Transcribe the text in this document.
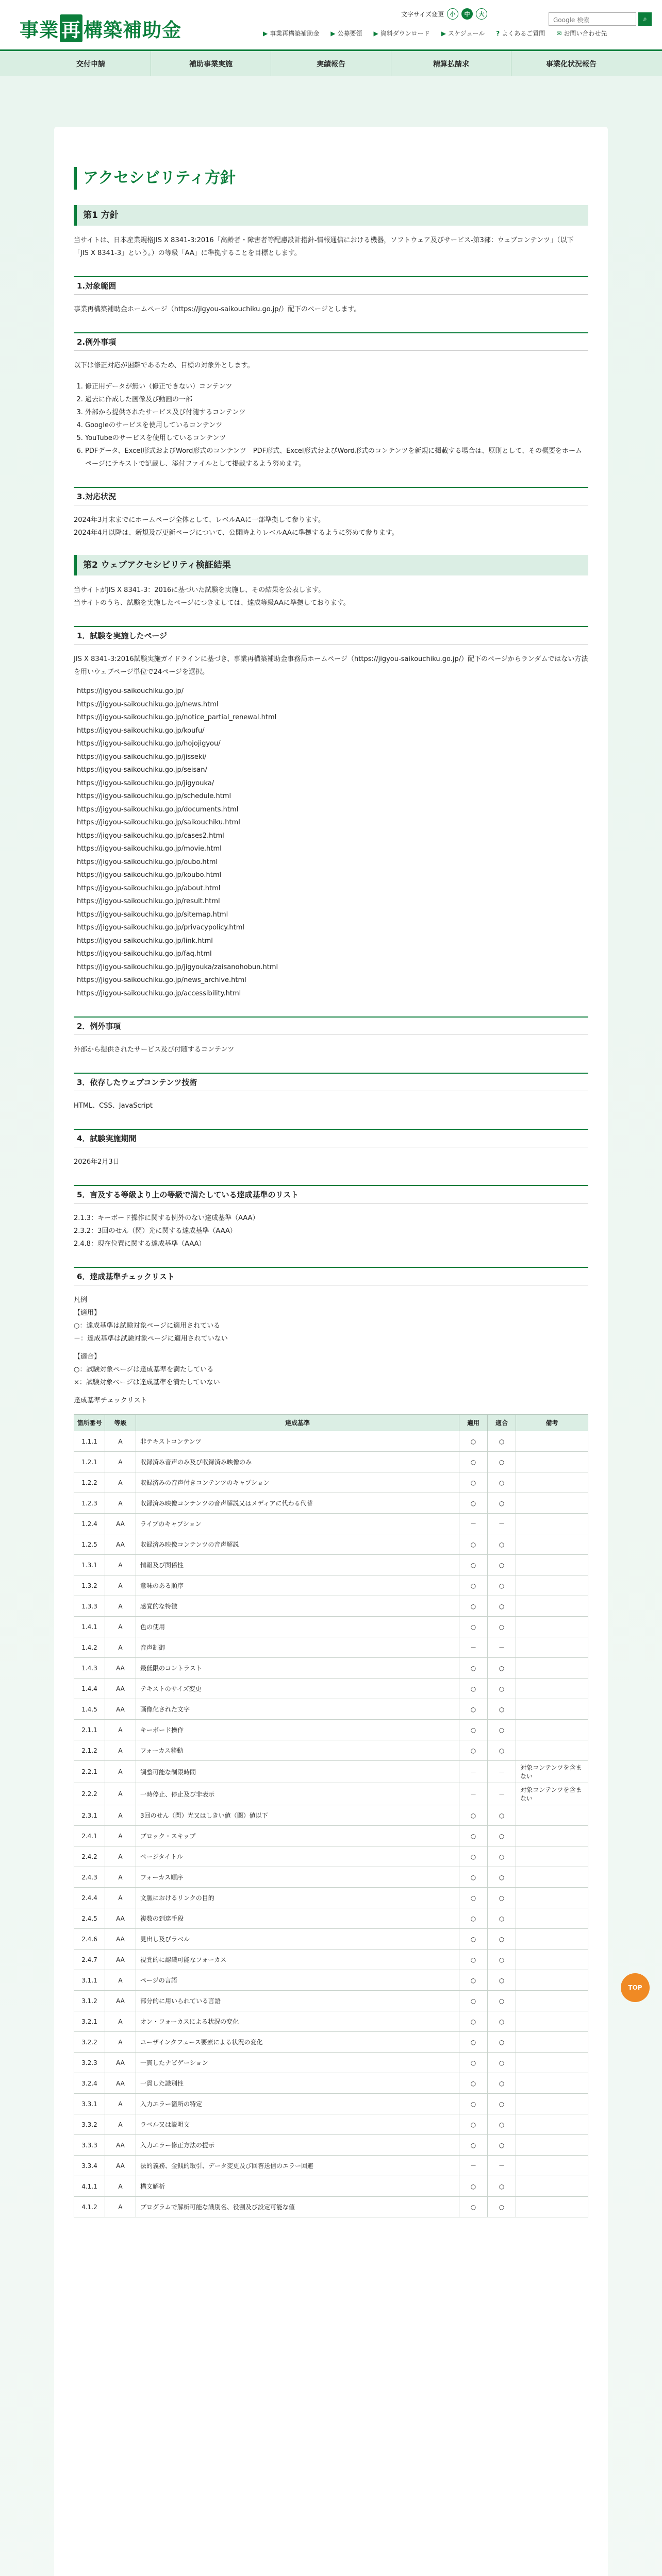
事業 再 構築補助金
文字サイズ変更	小	中	大
Google 検索	⌕
▶ 事業再構築補助金 ▶ 公募要領 ▶ 資料ダウンロード ▶ スケジュール ? よくあるご質問 ✉ お問い合わせ先
交付申請	補助事業実施	実績報告	精算払請求	事業化状況報告
アクセシビリティ方針
第1 方針
当サイトは、日本産業規格JIS X 8341-3:2016「高齢者・障害者等配慮設計指針-情報通信における機器，ソフトウェア及びサービス-第3部：ウェブコンテンツ」（以下「JIS X 8341-3」という。）の等級「AA」に準拠することを目標とします。
1.対象範囲
事業再構築補助金ホームページ（https://jigyou-saikouchiku.go.jp/）配下のページとします。
2.例外事項
以下は修正対応が困難であるため、目標の対象外とします。
1. 修正用データが無い（修正できない）コンテンツ
2. 過去に作成した画像及び動画の一部
3. 外部から提供されたサービス及び付随するコンテンツ
4. Googleのサービスを使用しているコンテンツ
5. YouTubeのサービスを使用しているコンテンツ
6. PDFデータ、Excel形式およびWord形式のコンテンツ　PDF形式、Excel形式およびWord形式のコンテンツを新規に掲載する場合は、原則として、その概要をホームページにテキストで記載し、添付ファイルとして掲載するよう努めます。
3.対応状況
2024年3月末までにホームページ全体として、レベルAAに一部準拠して参ります。
2024年4月以降は、新規及び更新ページについて、公開時よりレベルAAに準拠するように努めて参ります。
第2 ウェブアクセシビリティ検証結果
当サイトがJIS X 8341-3：2016に基づいた試験を実施し、その結果を公表します。
当サイトのうち、試験を実施したページにつきましては、達成等級AAに準拠しております。
1．試験を実施したページ
JIS X 8341-3:2016試験実施ガイドラインに基づき、事業再構築補助金事務局ホームページ（https://jigyou-saikouchiku.go.jp/）配下のページからランダムではない方法を用いウェブページ単位で24ページを選択。
https://jigyou-saikouchiku.go.jp/
https://jigyou-saikouchiku.go.jp/news.html
https://jigyou-saikouchiku.go.jp/notice_partial_renewal.html
https://jigyou-saikouchiku.go.jp/koufu/
https://jigyou-saikouchiku.go.jp/hojojigyou/
https://jigyou-saikouchiku.go.jp/jisseki/
https://jigyou-saikouchiku.go.jp/seisan/
https://jigyou-saikouchiku.go.jp/jigyouka/
https://jigyou-saikouchiku.go.jp/schedule.html
https://jigyou-saikouchiku.go.jp/documents.html
https://jigyou-saikouchiku.go.jp/saikouchiku.html
https://jigyou-saikouchiku.go.jp/cases2.html
https://jigyou-saikouchiku.go.jp/movie.html
https://jigyou-saikouchiku.go.jp/oubo.html
https://jigyou-saikouchiku.go.jp/koubo.html
https://jigyou-saikouchiku.go.jp/about.html
https://jigyou-saikouchiku.go.jp/result.html
https://jigyou-saikouchiku.go.jp/sitemap.html
https://jigyou-saikouchiku.go.jp/privacypolicy.html
https://jigyou-saikouchiku.go.jp/link.html
https://jigyou-saikouchiku.go.jp/faq.html
https://jigyou-saikouchiku.go.jp/jigyouka/zaisanohobun.html
https://jigyou-saikouchiku.go.jp/news_archive.html
https://jigyou-saikouchiku.go.jp/accessibility.html
2．例外事項
外部から提供されたサービス及び付随するコンテンツ
3．依存したウェブコンテンツ技術
HTML、CSS、JavaScript
4．試験実施期間
2026年2月3日
5．言及する等級より上の等級で満たしている達成基準のリスト
2.1.3：キーボード操作に関する例外のない達成基準（AAA）
2.3.2：3回のせん（閃）光に関する達成基準（AAA）
2.4.8：現在位置に関する達成基準（AAA）
6．達成基準チェックリスト
凡例
【適用】
○：達成基準は試験対象ページに適用されている
－：達成基準は試験対象ページに適用されていない
【適合】
○：試験対象ページは達成基準を満たしている
×：試験対象ページは達成基準を満たしていない
達成基準チェックリスト
箇所番号	等級	達成基準	適用	適合	備考
1.1.1	A	非テキストコンテンツ	○	○	
1.2.1	A	収録済み音声のみ及び収録済み映像のみ	○	○	
1.2.2	A	収録済みの音声付きコンテンツのキャプション	○	○	
1.2.3	A	収録済み映像コンテンツの音声解説又はメディアに代わる代替	○	○	
1.2.4	AA	ライブのキャプション	－	－	
1.2.5	AA	収録済み映像コンテンツの音声解説	○	○	
1.3.1	A	情報及び関係性	○	○	
1.3.2	A	意味のある順序	○	○	
1.3.3	A	感覚的な特徴	○	○	
1.4.1	A	色の使用	○	○	
1.4.2	A	音声制御	－	－	
1.4.3	AA	最低限のコントラスト	○	○	
1.4.4	AA	テキストのサイズ変更	○	○	
1.4.5	AA	画像化された文字	○	○	
2.1.1	A	キーボード操作	○	○	
2.1.2	A	フォーカス移動	○	○	
2.2.1	A	調整可能な制限時間	－	－	対象コンテンツを含まない
2.2.2	A	一時停止、停止及び非表示	－	－	対象コンテンツを含まない
2.3.1	A	3回のせん（閃）光又はしきい値（閾）値以下	○	○	
2.4.1	A	ブロック・スキップ	○	○	
2.4.2	A	ページタイトル	○	○	
2.4.3	A	フォーカス順序	○	○	
2.4.4	A	文脈におけるリンクの目的	○	○	
2.4.5	AA	複数の到達手段	○	○	
2.4.6	AA	見出し及びラベル	○	○	
2.4.7	AA	視覚的に認識可能なフォーカス	○	○	
3.1.1	A	ページの言語	○	○	
3.1.2	AA	部分的に用いられている言語	○	○	
3.2.1	A	オン・フォーカスによる状況の変化	○	○	
3.2.2	A	ユーザインタフェース要素による状況の変化	○	○	
3.2.3	AA	一貫したナビゲーション	○	○	
3.2.4	AA	一貫した識別性	○	○	
3.3.1	A	入力エラー箇所の特定	○	○	
3.3.2	A	ラベル又は説明文	○	○	
3.3.3	AA	入力エラー修正方法の提示	○	○	
3.3.4	AA	法的義務、金銭的取引、データ変更及び回答送信のエラー回避	－	－	
4.1.1	A	構文解析	○	○	
4.1.2	A	プログラムで解析可能な識別名、役割及び設定可能な値	○	○	
TOP
